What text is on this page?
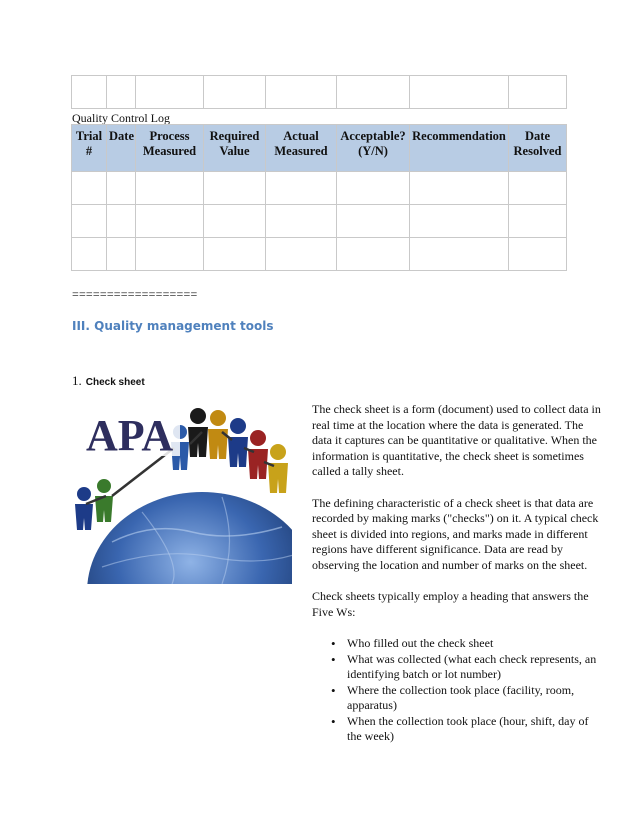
Quality Control Log
Trial #	Date	Process Measured	Required Value	Actual Measured	Acceptable? (Y/N)	Recommendation	Date Resolved

==================
III. Quality management tools
1. Check sheet
APA

The check sheet is a form (document) used to collect data in real time at the location where the data is generated. The data it captures can be quantitative or qualitative. When the information is quantitative, the check sheet is sometimes called a tally sheet.

The defining characteristic of a check sheet is that data are recorded by making marks ("checks") on it. A typical check sheet is divided into regions, and marks made in different regions have different significance. Data are read by observing the location and number of marks on the sheet.

Check sheets typically employ a heading that answers the Five Ws:

• Who filled out the check sheet
• What was collected (what each check represents, an identifying batch or lot number)
• Where the collection took place (facility, room, apparatus)
• When the collection took place (hour, shift, day of the week)
